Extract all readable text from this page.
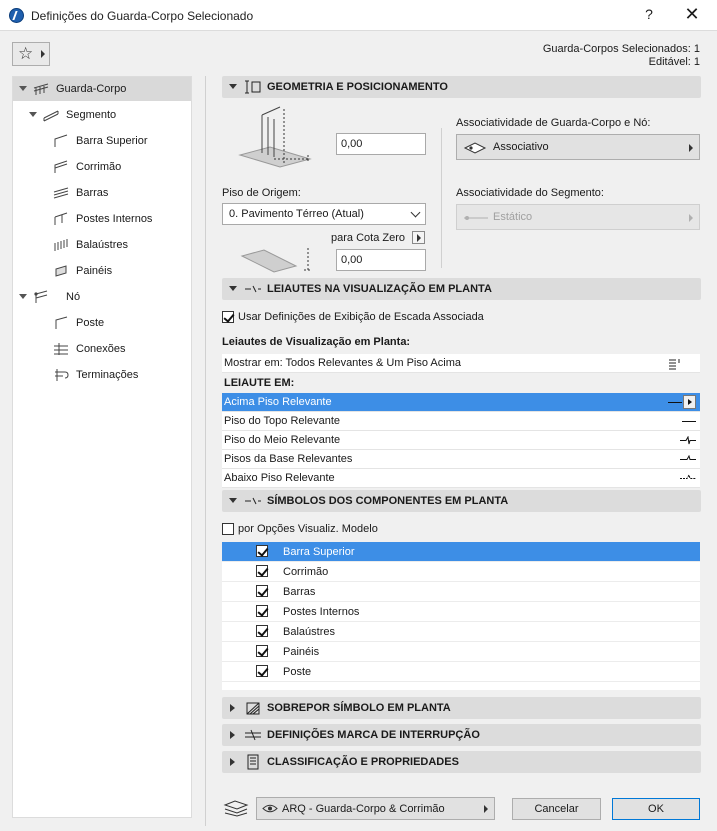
Definições do Guarda-Corpo Selecionado	? ✕
☆	Guarda-Corpos Selecionados: 1
Editável: 1
Guarda-Corpo
Segmento
Barra Superior
Corrimão
Barras
Postes Internos
Balaústres
Painéis
Nó
Poste
Conexões
Terminações
GEOMETRIA E POSICIONAMENTO
0,00
Piso de Origem:
0. Pavimento Térreo (Atual)
para Cota Zero
0,00
Associatividade de Guarda-Corpo e Nó:
Associativo
Associatividade do Segmento:
Estático
LEIAUTES NA VISUALIZAÇÃO EM PLANTA
Usar Definições de Exibição de Escada Associada
Leiautes de Visualização em Planta:
Mostrar em: Todos Relevantes & Um Piso Acima
LEIAUTE EM:
Acima Piso Relevante
Piso do Topo Relevante
Piso do Meio Relevante
Pisos da Base Relevantes
Abaixo Piso Relevante
SÍMBOLOS DOS COMPONENTES EM PLANTA
por Opções Visualiz. Modelo
Barra Superior
Corrimão
Barras
Postes Internos
Balaústres
Painéis
Poste
SOBREPOR SÍMBOLO EM PLANTA
DEFINIÇÕES MARCA DE INTERRUPÇÃO
CLASSIFICAÇÃO E PROPRIEDADES
ARQ - Guarda-Corpo & Corrimão	Cancelar	OK
